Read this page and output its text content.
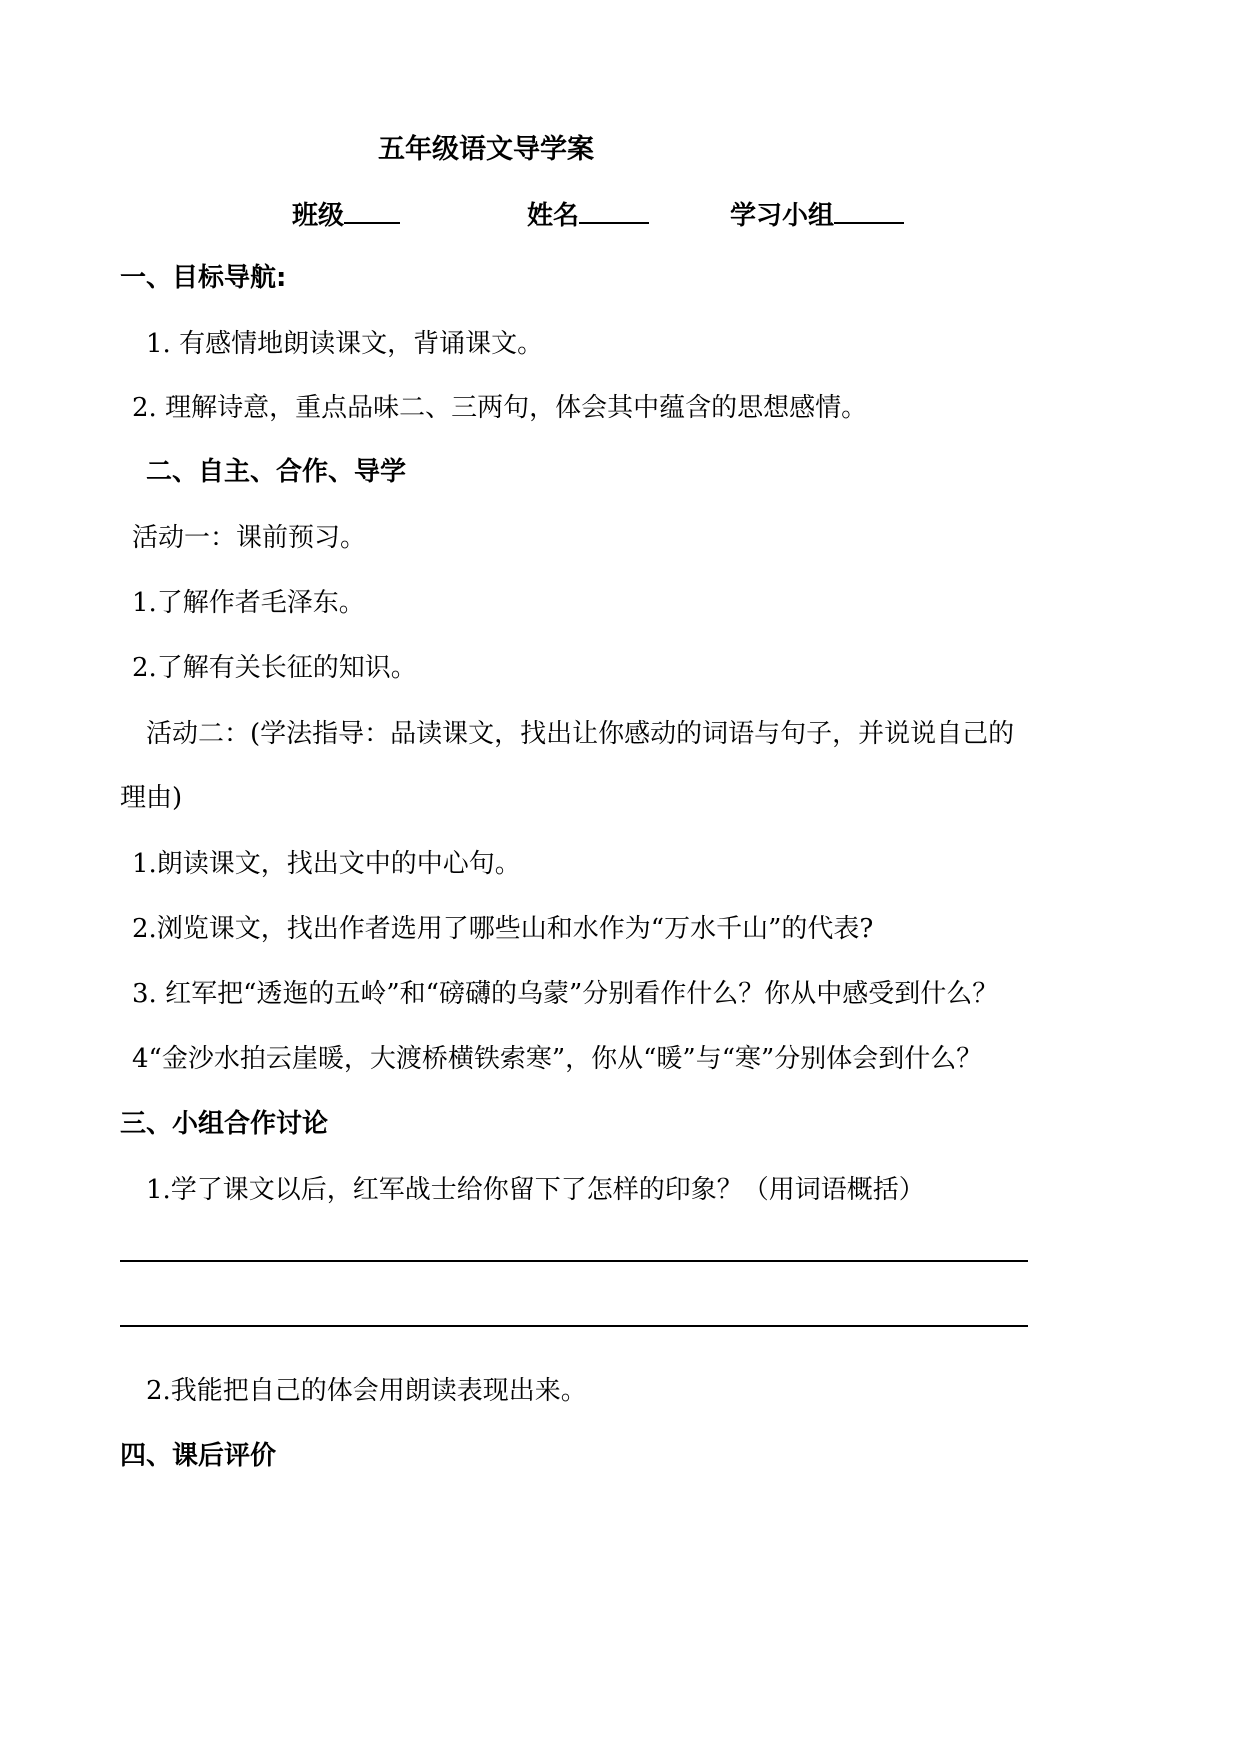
五年级语文导学案
班级	姓名	学习小组
一、目标导航:
1. 有感情地朗读课文，背诵课文。
2. 理解诗意，重点品味二、三两句，体会其中蕴含的思想感情。
二、自主、合作、导学
活动一：课前预习。
1.了解作者毛泽东。
2.了解有关长征的知识。
活动二：(学法指导：品读课文，找出让你感动的词语与句子，并说说自己的
理由)
1.朗读课文，找出文中的中心句。
2.浏览课文，找出作者选用了哪些山和水作为“万水千山”的代表?
3. 红军把“透迤的五岭”和“磅礴的乌蒙”分别看作什么？你从中感受到什么？
4“金沙水拍云崖暖，大渡桥横铁索寒”，你从“暖”与“寒”分别体会到什么？
三、小组合作讨论
1.学了课文以后，红军战士给你留下了怎样的印象？（用词语概括）
2.我能把自己的体会用朗读表现出来。
四、课后评价
